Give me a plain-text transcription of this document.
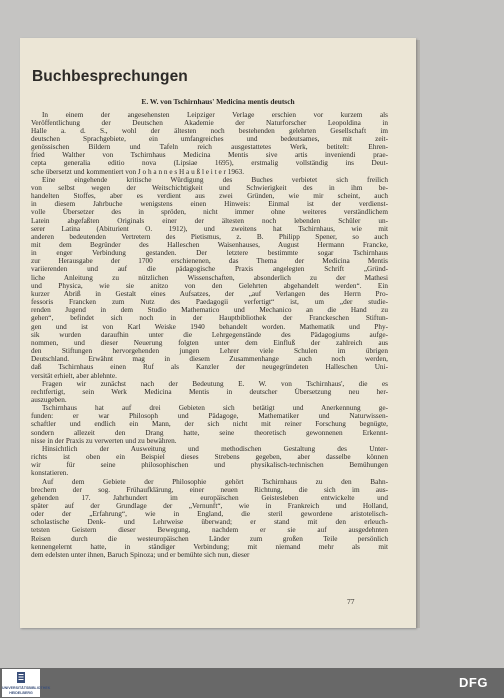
Buchbesprechungen

E. W. von Tschirnhaus' Medicina mentis deutsch

In einem der angesehensten Leipziger Verlage erschien vor kurzem als
Veröffentlichung der Deutschen Akademie der Naturforscher Leopoldina in
Halle a. d. S., wohl der ältesten noch bestehenden gelehrten Gesellschaft im
deutschen Sprachgebiete, ein umfangreiches und bedeutsames, mit zeit-
genössischen Bildern und Tafeln reich ausgestattetes Werk, betitelt: Ehren-
fried Walther von Tschirnhaus Medicina Mentis sive artis inveniendi prae-
cepta generalia editio nova (Lipsiae 1695), erstmalig vollständig ins Deut-
sche übersetzt und kommentiert von J o h a n n e s H a u ß l e i t e r 1963.
Eine eingehende kritische Würdigung des Buches verbietet sich freilich
von selbst wegen der Weitschichtigkeit und Schwierigkeit des in ihm be-
handelten Stoffes, aber es verdient aus zwei Gründen, wie mir scheint, auch
in diesem Jahrbuche wenigstens einen Hinweis: Einmal ist der verdienst-
volle Übersetzer des in spröden, nicht immer ohne weiteres verständlichem
Latein abgefaßten Originals einer der ältesten noch lebenden Schüler un-
serer Latina (Abiturient O. 1912), und zweitens hat Tschirnhaus, wie mit
anderen bedeutenden Vertretern des Pietismus, z. B. Philipp Spener, so auch
mit dem Begründer des Halleschen Waisenhauses, August Hermann Francke,
in enger Verbindung gestanden. Der letztere bestimmte sogar Tschirnhaus
zur Herausgabe der 1700 erschienenen, das Thema der Medicina Mentis
variierenden und auf die pädagogische Praxis angelegten Schrift „Gründ-
liche Anleitung zu nützlichen Wissenschaften, absonderlich zu der Mathesi
und Physica, wie sie anitzo von den Gelehrten abgehandelt werden“. Ein
kurzer Abriß in Gestalt eines Aufsatzes, der „auf Verlangen des Herrn Pro-
fessoris Francken zum Nutz des Paedagogii verfertigt“ ist, um „der studie-
renden Jugend in dem Studio Mathematico und Mechanico an die Hand zu
gehen“, befindet sich noch in der Hauptbibliothek der Franckeschen Stiftun-
gen und ist von Karl Weiske 1940 behandelt worden. Mathematik und Phy-
sik wurden daraufhin unter die Lehrgegenstände des Pädagogiums aufge-
nommen, und dieser Neuerung folgten unter dem Einfluß der zahlreich aus
den Stiftungen hervorgehenden jungen Lehrer viele Schulen im übrigen
Deutschland. Erwähnt mag in diesem Zusammenhange auch noch werden,
daß Tschirnhaus einen Ruf als Kanzler der neugegründeten Halleschen Uni-
versität erhielt, aber ablehnte.
Fragen wir zunächst nach der Bedeutung E. W. von Tschirnhaus', die es
rechtfertigt, sein Werk Medicina Mentis in deutscher Übersetzung neu her-
auszugeben.
Tschirnhaus hat auf drei Gebieten sich betätigt und Anerkennung ge-
funden: er war Philosoph und Pädagoge, Mathematiker und Naturwissen-
schaftler und endlich ein Mann, der sich nicht mit reiner Forschung begnügte,
sondern allezeit den Drang hatte, seine theoretisch gewonnenen Erkennt-
nisse in der Praxis zu verwerten und zu bewähren.
Hinsichtlich der Ausweitung und methodischen Gestaltung des Unter-
richts ist oben ein Beispiel dieses Strebens gegeben, aber dasselbe können
wir für seine philosophischen und physikalisch-technischen Bemühungen
konstatieren.
Auf dem Gebiete der Philosophie gehört Tschirnhaus zu den Bahn-
brechern der sog. Frühaufklärung, einer neuen Richtung, die sich im aus-
gehenden 17. Jahrhundert im europäischen Geistesleben entwickelte und
später auf der Grundlage der „Vernunft“, wie in Frankreich und Holland,
oder der „Erfahrung“, wie in England, die steril gewordene aristotelisch-
scholastische Denk- und Lehrweise überwand; er stand mit den erleuch-
tetsten Geistern dieser Bewegung, nachdem er sie auf ausgedehnten
Reisen durch die westeuropäischen Länder zum großen Teile persönlich
kennengelernt hatte, in ständiger Verbindung; mit niemand mehr als mit
dem edelsten unter ihnen, Baruch Spinoza; und er bemühte sich nun, dieser
77
UNIVERSITÄTSBIBLIOTHEK
HEIDELBERG
DFG
